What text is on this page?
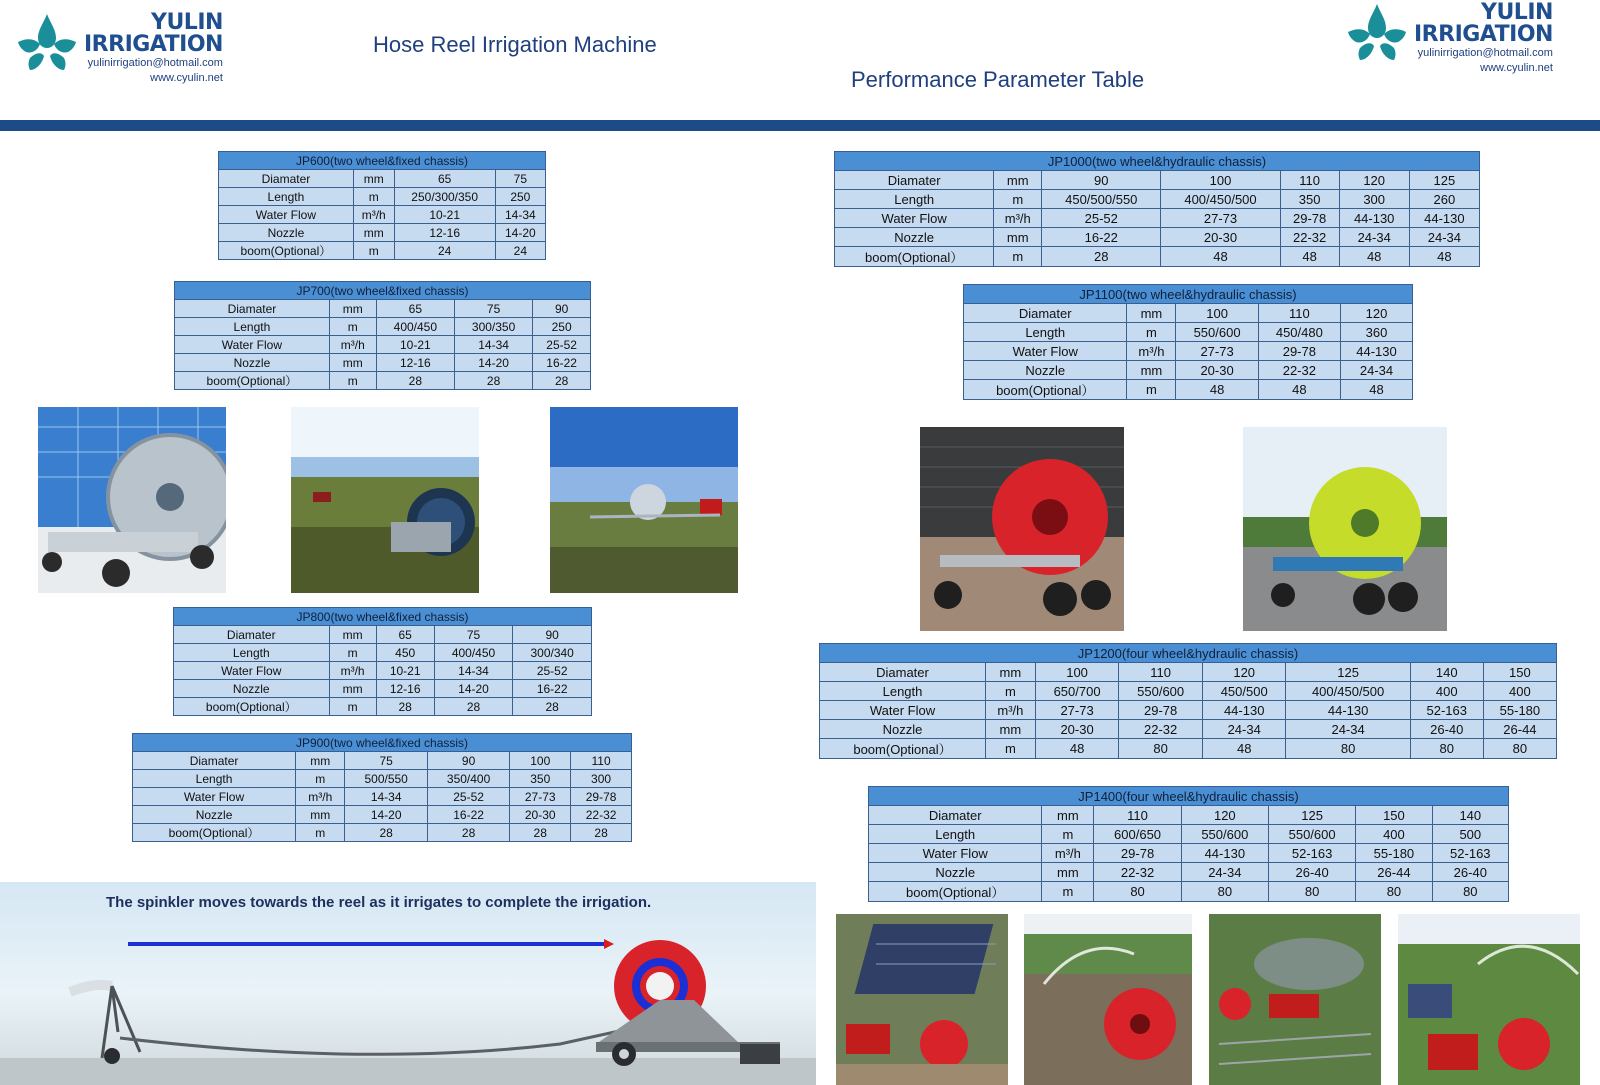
YULIN
IRRIGATION
yulinirrigation@hotmail.com
www.cyulin.net
Hose Reel Irrigation Machine
Performance Parameter Table
YULIN
IRRIGATION
yulinirrigation@hotmail.com
www.cyulin.net
JP600(two wheel&fixed chassis)			
Diamater	mm	65	75
Length	m	250/300/350	250
Water Flow	m³/h	10-21	14-34
Nozzle	mm	12-16	14-20
boom(Optional）	m	24	24
JP700(two wheel&fixed chassis)				
Diamater	mm	65	75	90
Length	m	400/450	300/350	250
Water Flow	m³/h	10-21	14-34	25-52
Nozzle	mm	12-16	14-20	16-22
boom(Optional）	m	28	28	28
JP800(two wheel&fixed chassis)				
Diamater	mm	65	75	90
Length	m	450	400/450	300/340
Water Flow	m³/h	10-21	14-34	25-52
Nozzle	mm	12-16	14-20	16-22
boom(Optional）	m	28	28	28
JP900(two wheel&fixed chassis)					
Diamater	mm	75	90	100	110
Length	m	500/550	350/400	350	300
Water Flow	m³/h	14-34	25-52	27-73	29-78
Nozzle	mm	14-20	16-22	20-30	22-32
boom(Optional）	m	28	28	28	28
JP1000(two wheel&hydraulic chassis)						
Diamater	mm	90	100	110	120	125
Length	m	450/500/550	400/450/500	350	300	260
Water Flow	m³/h	25-52	27-73	29-78	44-130	44-130
Nozzle	mm	16-22	20-30	22-32	24-34	24-34
boom(Optional）	m	28	48	48	48	48
JP1100(two wheel&hydraulic chassis)				
Diamater	mm	100	110	120
Length	m	550/600	450/480	360
Water Flow	m³/h	27-73	29-78	44-130
Nozzle	mm	20-30	22-32	24-34
boom(Optional）	m	48	48	48
JP1200(four wheel&hydraulic chassis)							
Diamater	mm	100	110	120	125	140	150
Length	m	650/700	550/600	450/500	400/450/500	400	400
Water Flow	m³/h	27-73	29-78	44-130	44-130	52-163	55-180
Nozzle	mm	20-30	22-32	24-34	24-34	26-40	26-44
boom(Optional）	m	48	80	48	80	80	80
JP1400(four wheel&hydraulic chassis)						
Diamater	mm	110	120	125	150	140
Length	m	600/650	550/600	550/600	400	500
Water Flow	m³/h	29-78	44-130	52-163	55-180	52-163
Nozzle	mm	22-32	24-34	26-40	26-44	26-40
boom(Optional）	m	80	80	80	80	80
The spinkler moves towards the reel as it irrigates to complete the irrigation.
